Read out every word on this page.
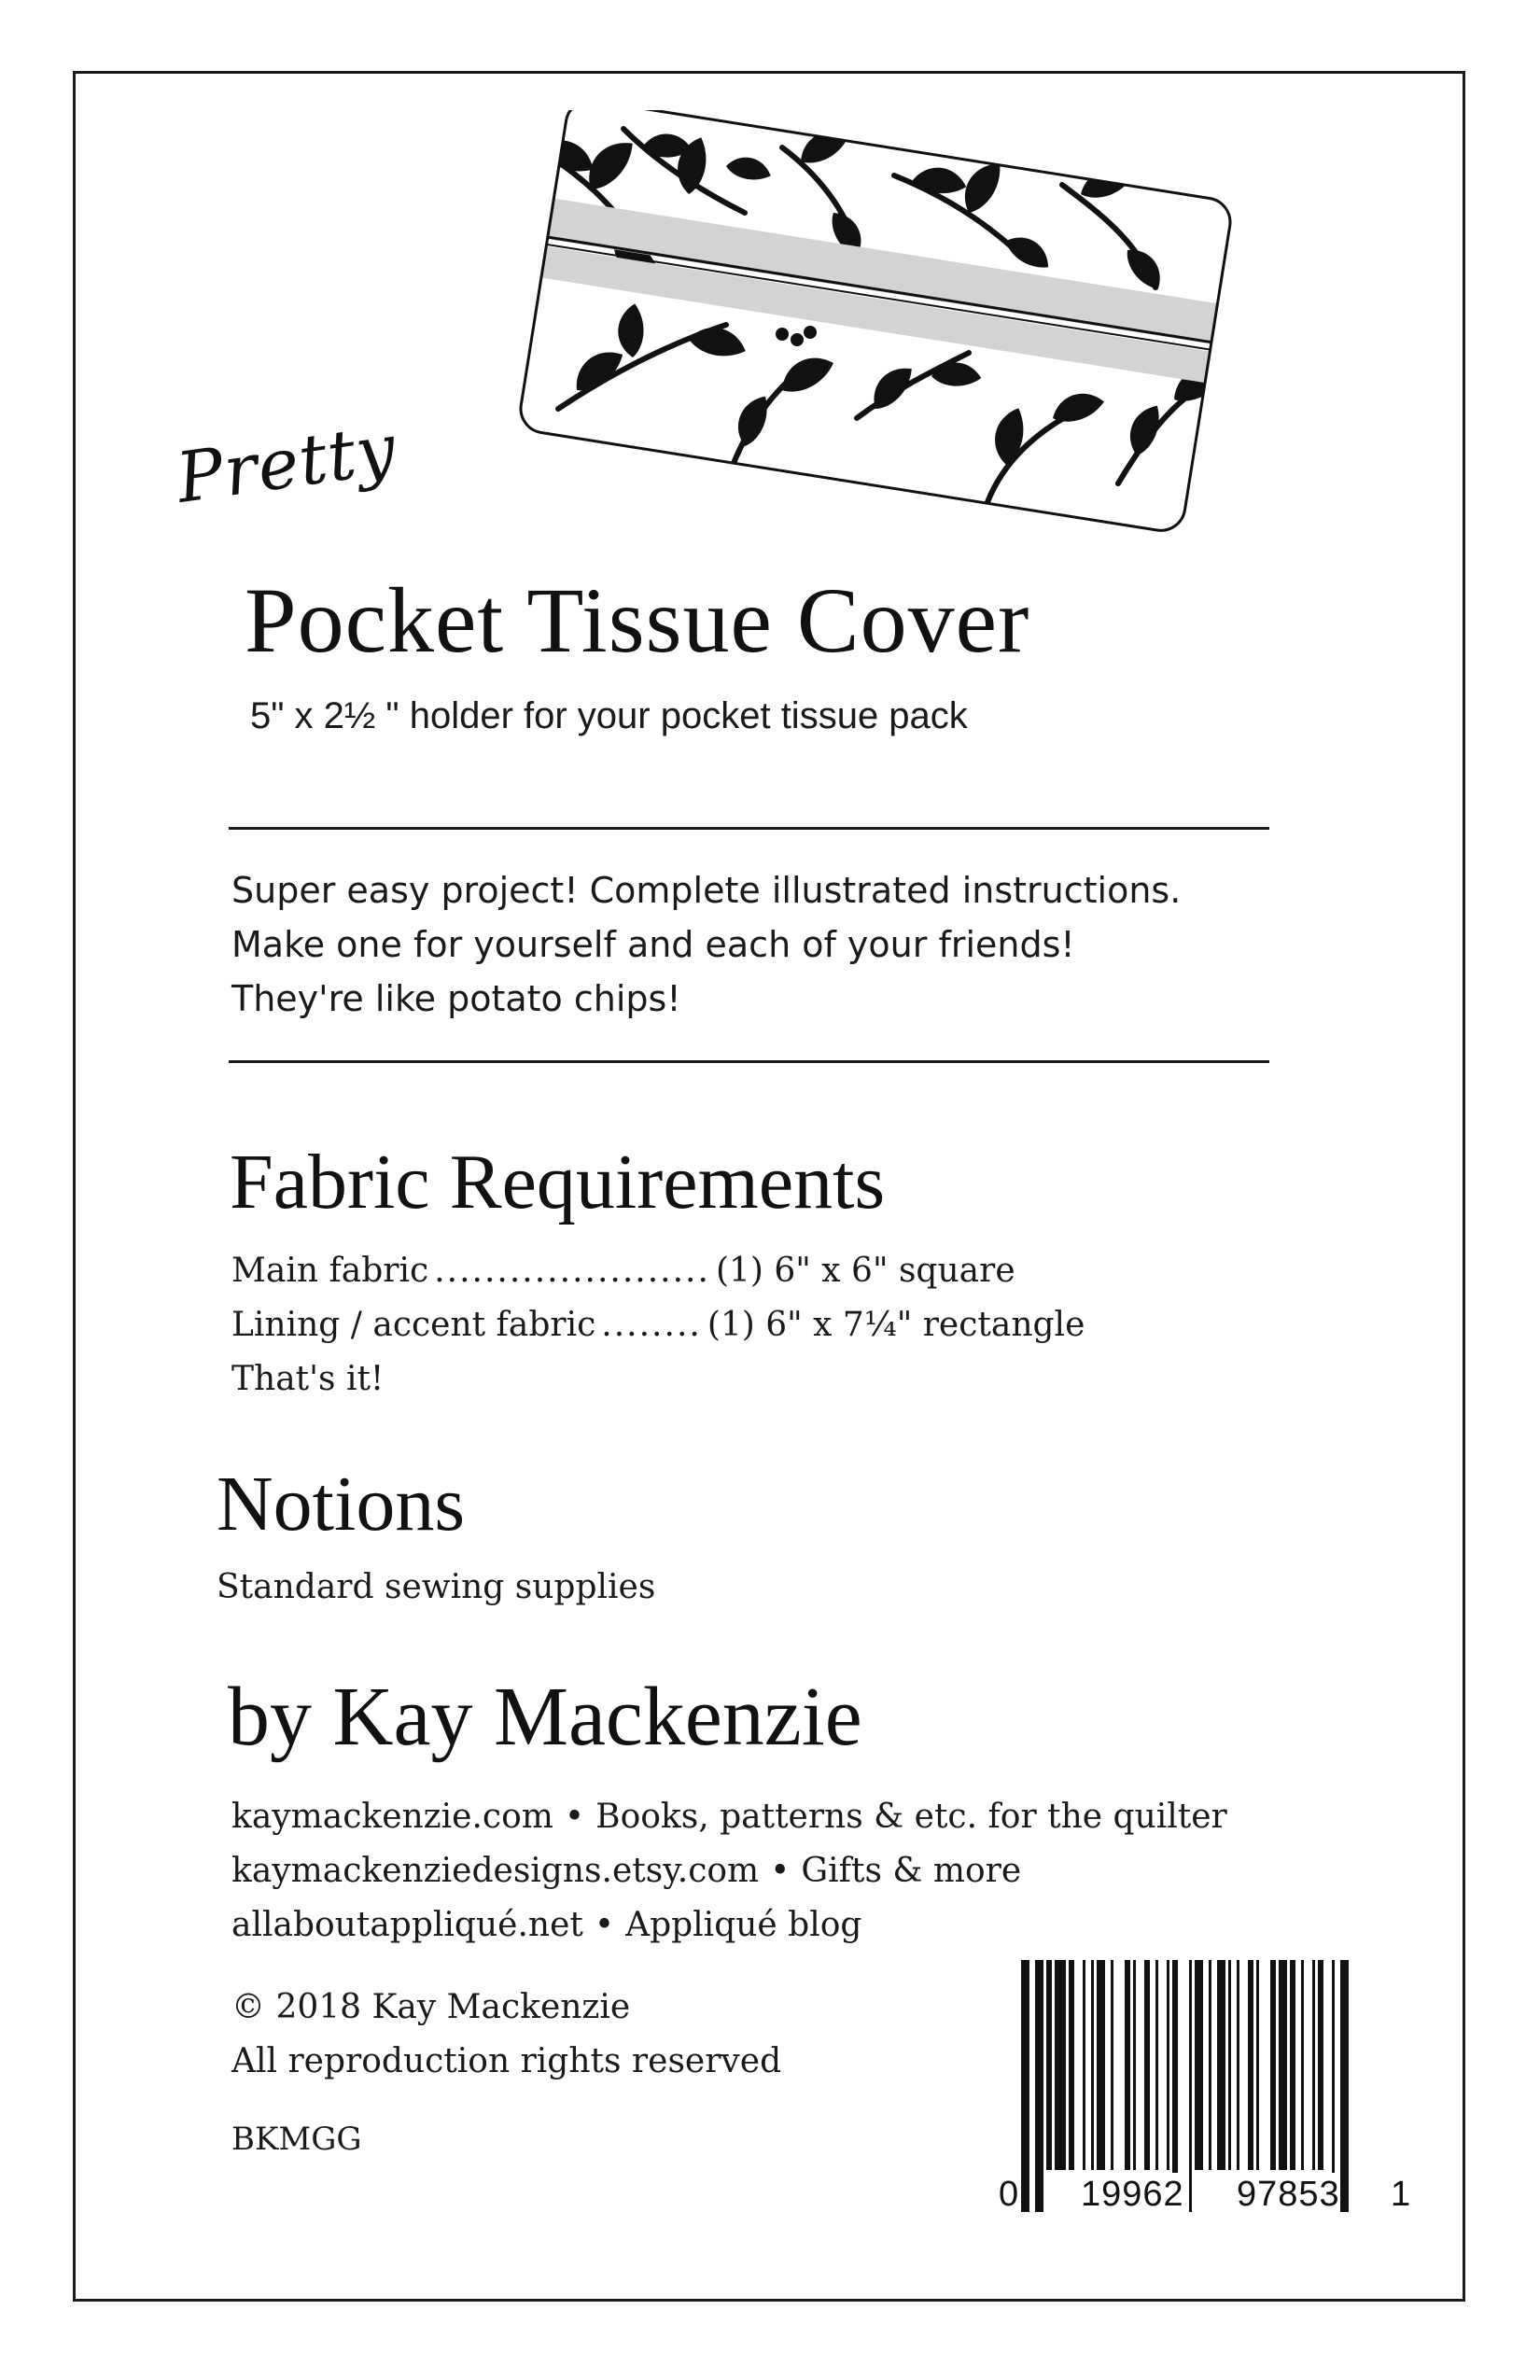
Pretty
Pocket Tissue Cover
5" x 2½ " holder for your pocket tissue pack
Super easy project! Complete illustrated instructions.
Make one for yourself and each of your friends!
They're like potato chips!
Fabric Requirements
Main fabric ...................... (1) 6" x 6" square
Lining / accent fabric ........ (1) 6" x 7¼" rectangle
That's it!
Notions
Standard sewing supplies
by Kay Mackenzie
kaymackenzie.com • Books, patterns & etc. for the quilter
kaymackenziedesigns.etsy.com • Gifts & more
allaboutappliqué.net • Appliqué blog
© 2018 Kay Mackenzie
All reproduction rights reserved
BKMGG
0 19962 97853 1
